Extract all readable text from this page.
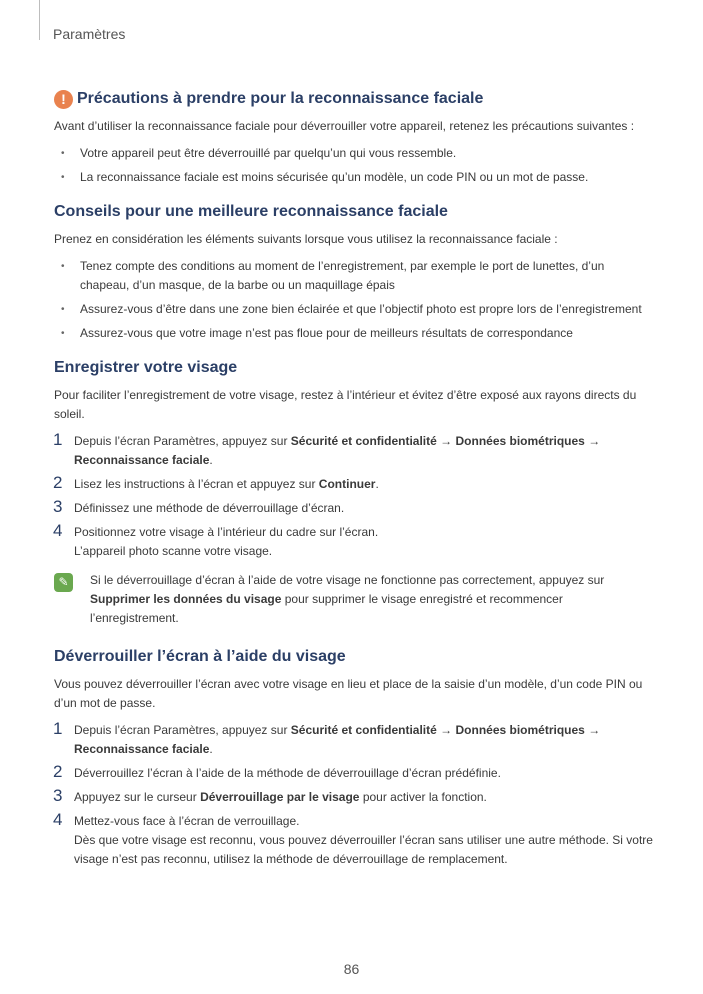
Paramètres
! Précautions à prendre pour la reconnaissance faciale

Avant d’utiliser la reconnaissance faciale pour déverrouiller votre appareil, retenez les précautions suivantes :

• Votre appareil peut être déverrouillé par quelqu’un qui vous ressemble.
• La reconnaissance faciale est moins sécurisée qu’un modèle, un code PIN ou un mot de passe.
Conseils pour une meilleure reconnaissance faciale

Prenez en considération les éléments suivants lorsque vous utilisez la reconnaissance faciale :

• Tenez compte des conditions au moment de l’enregistrement, par exemple le port de lunettes, d’un chapeau, d’un masque, de la barbe ou un maquillage épais
• Assurez-vous d’être dans une zone bien éclairée et que l’objectif photo est propre lors de l’enregistrement
• Assurez-vous que votre image n’est pas floue pour de meilleurs résultats de correspondance
Enregistrer votre visage

Pour faciliter l’enregistrement de votre visage, restez à l’intérieur et évitez d’être exposé aux rayons directs du soleil.

1 Depuis l’écran Paramètres, appuyez sur Sécurité et confidentialité → Données biométriques → Reconnaissance faciale.
2 Lisez les instructions à l’écran et appuyez sur Continuer.
3 Définissez une méthode de déverrouillage d’écran.
4 Positionnez votre visage à l’intérieur du cadre sur l’écran.
L’appareil photo scanne votre visage.
✎	Si le déverrouillage d’écran à l’aide de votre visage ne fonctionne pas correctement, appuyez sur Supprimer les données du visage pour supprimer le visage enregistré et recommencer l’enregistrement.
Déverrouiller l’écran à l’aide du visage

Vous pouvez déverrouiller l’écran avec votre visage en lieu et place de la saisie d’un modèle, d’un code PIN ou d’un mot de passe.

1 Depuis l’écran Paramètres, appuyez sur Sécurité et confidentialité → Données biométriques → Reconnaissance faciale.
2 Déverrouillez l’écran à l’aide de la méthode de déverrouillage d’écran prédéfinie.
3 Appuyez sur le curseur Déverrouillage par le visage pour activer la fonction.
4 Mettez-vous face à l’écran de verrouillage.
Dès que votre visage est reconnu, vous pouvez déverrouiller l’écran sans utiliser une autre méthode. Si votre visage n’est pas reconnu, utilisez la méthode de déverrouillage de remplacement.
86
